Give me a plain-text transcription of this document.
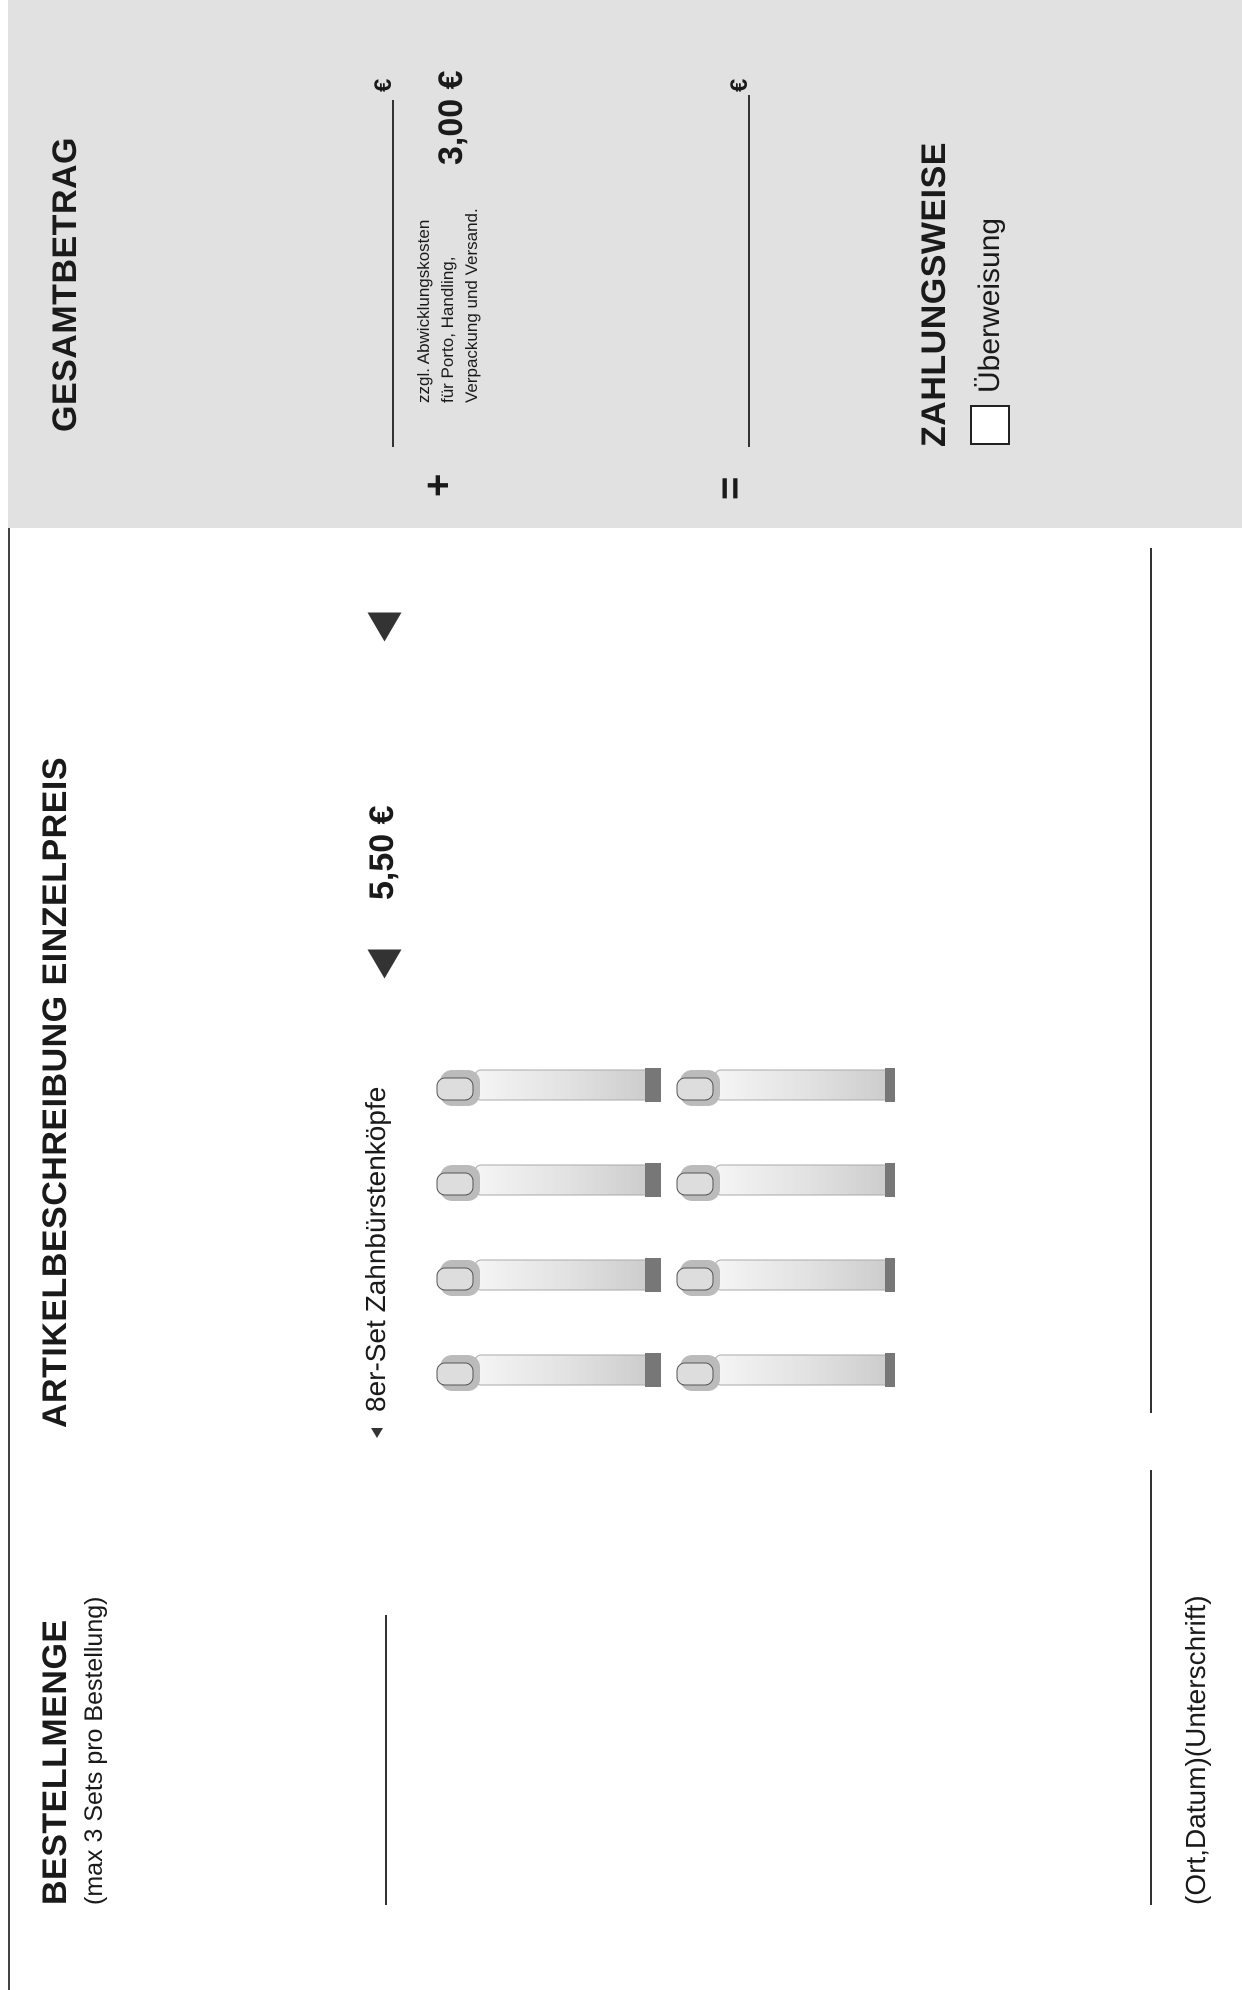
BESTELLMENGE (max 3 Sets pro Bestellung)
ARTIKELBESCHREIBUNG EINZELPREIS	8er-Set Zahnbürstenköpfe
5,50 €
(Ort,Datum)(Unterschrift)
GESAMTBETRAG
+
€
zzgl. Abwicklungskosten für Porto, Handling, Verpackung und Versand.
3,00 €
=
€
ZAHLUNGSWEISE Überweisung
